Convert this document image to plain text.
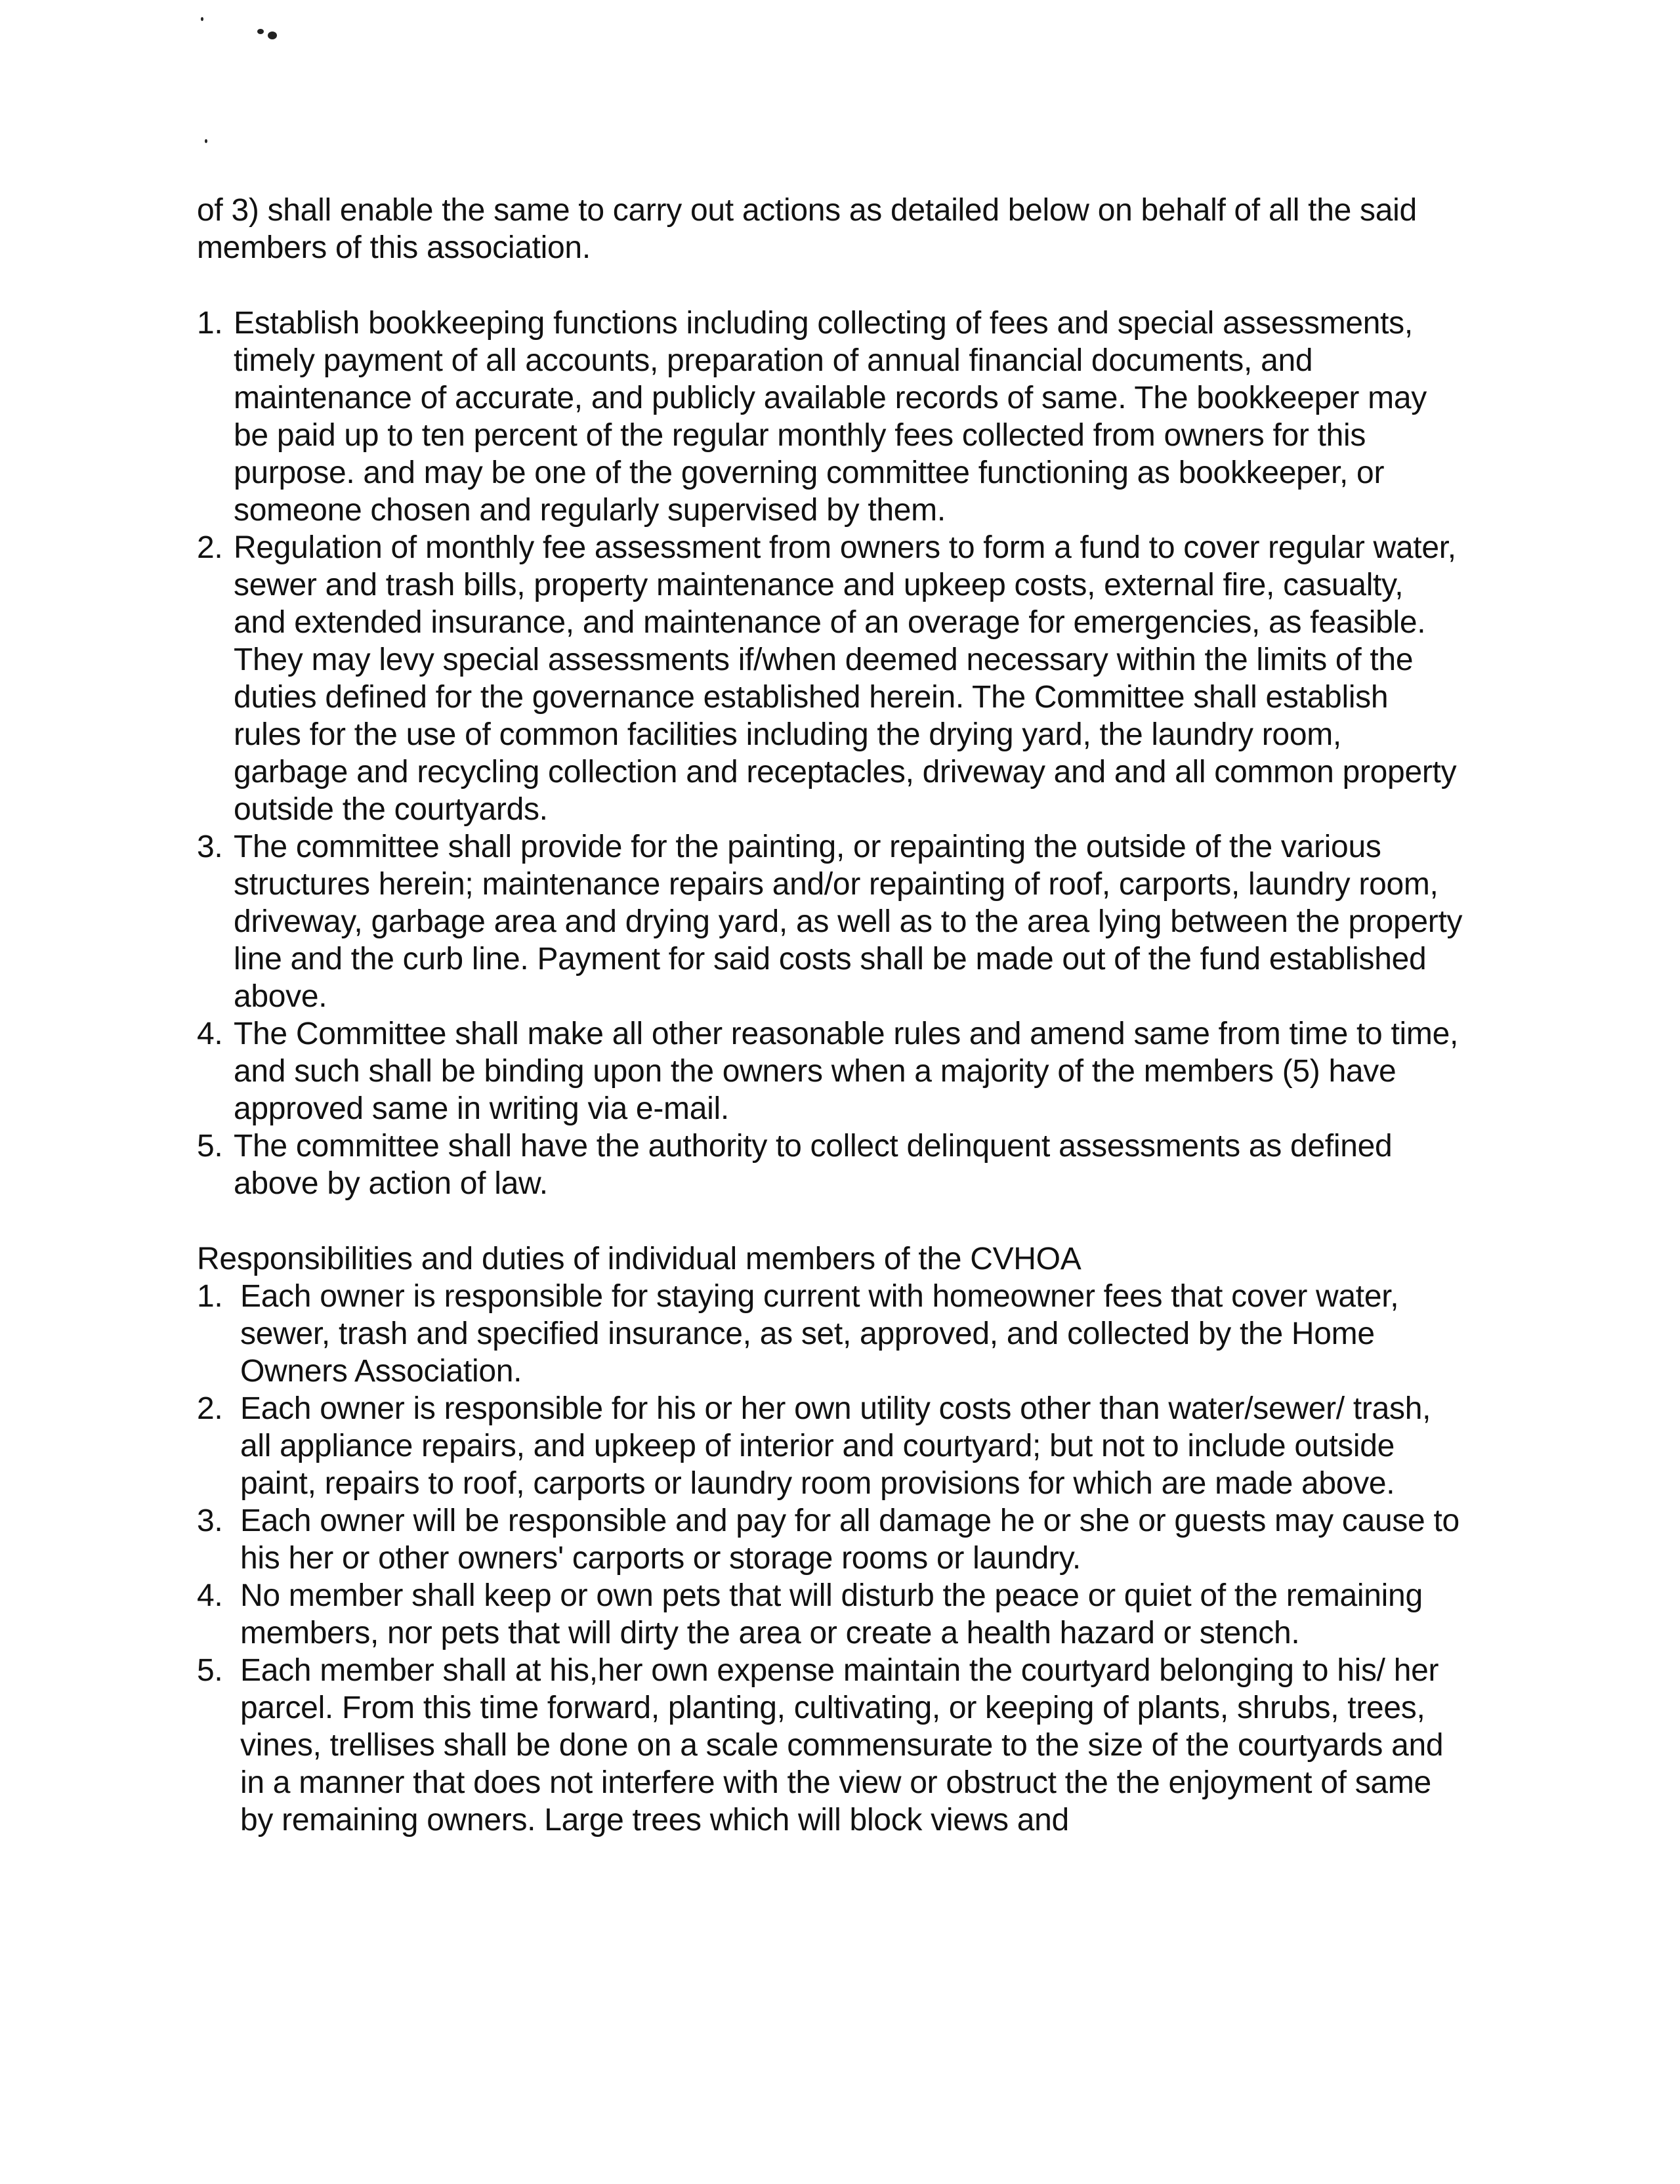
of 3) shall enable the same to carry out actions as detailed below on behalf of all the said members of this association.

1. Establish bookkeeping functions including collecting of fees and special assessments, timely payment of all accounts, preparation of annual financial documents, and maintenance of accurate, and publicly available records of same. The bookkeeper may be paid up to ten percent of the regular monthly fees collected from owners for this purpose. and may be one of the governing committee functioning as bookkeeper, or someone chosen and regularly supervised by them.
2. Regulation of monthly fee assessment from owners to form a fund to cover regular water, sewer and trash bills, property maintenance and upkeep costs, external fire, casualty, and extended insurance, and maintenance of an overage for emergencies, as feasible. They may levy special assessments if/when deemed necessary within the limits of the duties defined for the governance established herein. The Committee shall establish rules for the use of common facilities including the drying yard, the laundry room, garbage and recycling collection and receptacles, driveway and and all common property outside the courtyards.
3. The committee shall provide for the painting, or repainting the outside of the various structures herein; maintenance repairs and/or repainting of roof, carports, laundry room, driveway, garbage area and drying yard, as well as to the area lying between the property line and the curb line. Payment for said costs shall be made out of the fund established above.
4. The Committee shall make all other reasonable rules and amend same from time to time, and such shall be binding upon the owners when a majority of the members (5) have approved same in writing via e-mail.
5. The committee shall have the authority to collect delinquent assessments as defined above by action of law.

Responsibilities and duties of individual members of the CVHOA

1. Each owner is responsible for staying current with homeowner fees that cover water, sewer, trash and specified insurance, as set, approved, and collected by the Home Owners Association.
2. Each owner is responsible for his or her own utility costs other than water/sewer/ trash, all appliance repairs, and upkeep of interior and courtyard; but not to include outside paint, repairs to roof, carports or laundry room provisions for which are made above.
3. Each owner will be responsible and pay for all damage he or she or guests may cause to his her or other owners' carports or storage rooms or laundry.
4. No member shall keep or own pets that will disturb the peace or quiet of the remaining members, nor pets that will dirty the area or create a health hazard or stench.
5. Each member shall at his,her own expense maintain the courtyard belonging to his/ her parcel. From this time forward, planting, cultivating, or keeping of plants, shrubs, trees, vines, trellises shall be done on a scale commensurate to the size of the courtyards and in a manner that does not interfere with the view or obstruct the the enjoyment of same by remaining owners. Large trees which will block views and
